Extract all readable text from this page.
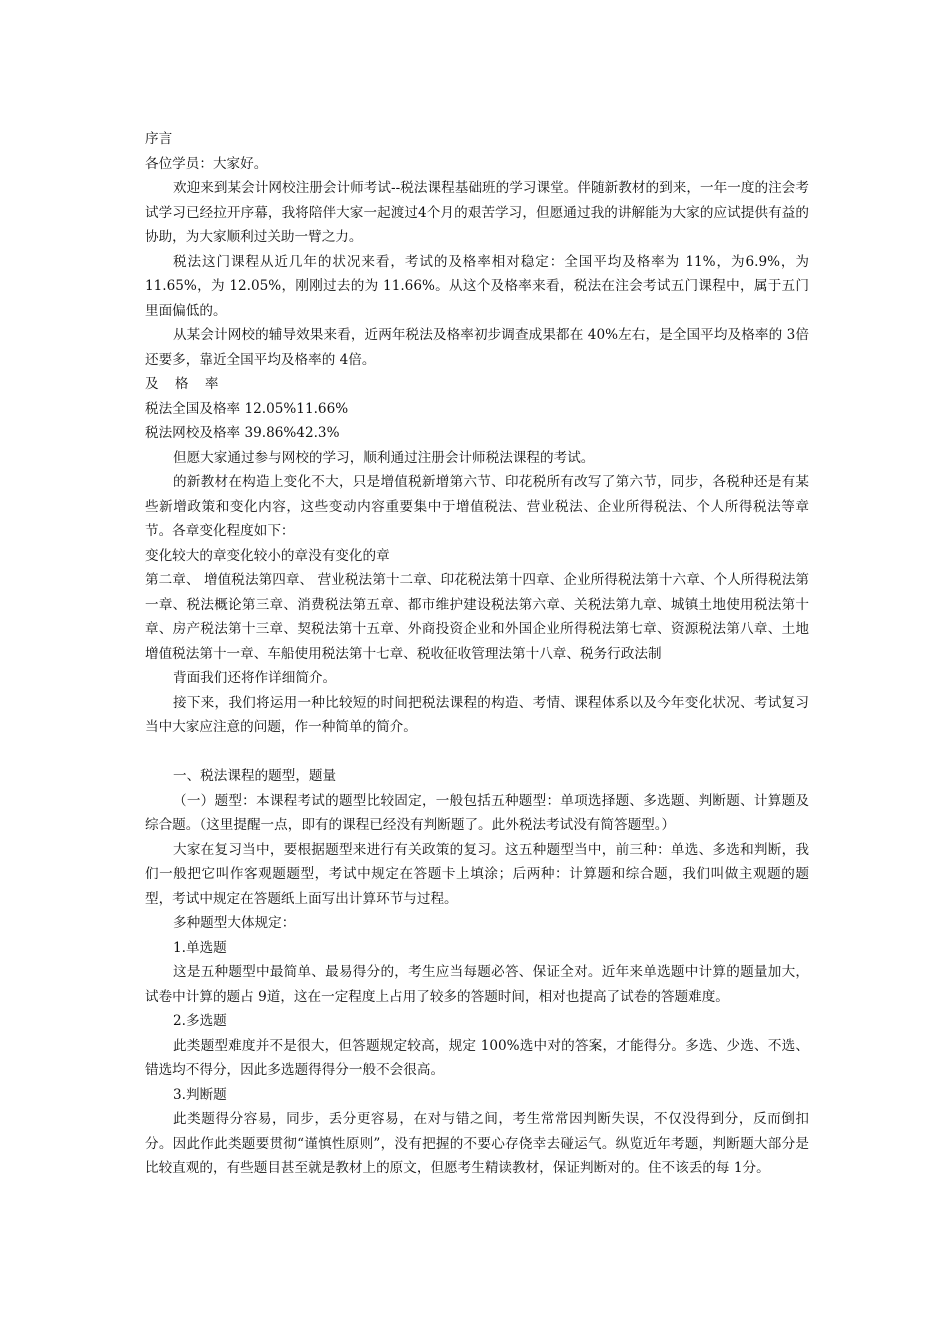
序言

各位学员：大家好。

欢迎来到某会计网校注册会计师考试--税法课程基础班的学习课堂。伴随新教材的到来，一年一度的注会考试学习已经拉开序幕，我将陪伴大家一起渡过4个月的艰苦学习，但愿通过我的讲解能为大家的应试提供有益的协助，为大家顺利过关助一臂之力。

税法这门课程从近几年的状况来看，考试的及格率相对稳定：全国平均及格率为 11%，为6.9%，为 11.65%，为 12.05%，刚刚过去的为 11.66%。从这个及格率来看，税法在注会考试五门课程中，属于五门里面偏低的。

从某会计网校的辅导效果来看，近两年税法及格率初步调查成果都在 40%左右，是全国平均及格率的 3倍还要多，靠近全国平均及格率的 4倍。

及 格 率

税法全国及格率 12.05%11.66%

税法网校及格率 39.86%42.3%

但愿大家通过参与网校的学习，顺利通过注册会计师税法课程的考试。

的新教材在构造上变化不大，只是增值税新增第六节、印花税所有改写了第六节，同步，各税种还是有某些新增政策和变化内容，这些变动内容重要集中于增值税法、营业税法、企业所得税法、个人所得税法等章节。各章变化程度如下：

变化较大的章变化较小的章没有变化的章

第二章、 增值税法第四章、 营业税法第十二章、印花税法第十四章、企业所得税法第十六章、个人所得税法第一章、税法概论第三章、消费税法第五章、都市维护建设税法第六章、关税法第九章、城镇土地使用税法第十章、房产税法第十三章、契税法第十五章、外商投资企业和外国企业所得税法第七章、资源税法第八章、土地增值税法第十一章、车船使用税法第十七章、税收征收管理法第十八章、税务行政法制

背面我们还将作详细简介。

接下来，我们将运用一种比较短的时间把税法课程的构造、考情、课程体系以及今年变化状况、考试复习当中大家应注意的问题，作一种简单的简介。

一、税法课程的题型，题量

（一）题型：本课程考试的题型比较固定，一般包括五种题型：单项选择题、多选题、判断题、计算题及综合题。（这里提醒一点，即有的课程已经没有判断题了。此外税法考试没有简答题型。）

大家在复习当中，要根据题型来进行有关政策的复习。这五种题型当中，前三种：单选、多选和判断，我们一般把它叫作客观题题型，考试中规定在答题卡上填涂；后两种：计算题和综合题，我们叫做主观题的题型，考试中规定在答题纸上面写出计算环节与过程。

多种题型大体规定：

1.单选题

这是五种题型中最简单、最易得分的，考生应当每题必答、保证全对。近年来单选题中计算的题量加大，试卷中计算的题占 9道，这在一定程度上占用了较多的答题时间，相对也提高了试卷的答题难度。

2.多选题

此类题型难度并不是很大，但答题规定较高，规定 100%选中对的答案，才能得分。多选、少选、不选、错选均不得分，因此多选题得得分一般不会很高。

3.判断题

此类题得分容易，同步，丢分更容易，在对与错之间，考生常常因判断失误，不仅没得到分，反而倒扣分。因此作此类题要贯彻“谨慎性原则”，没有把握的不要心存侥幸去碰运气。纵览近年考题，判断题大部分是比较直观的，有些题目甚至就是教材上的原文，但愿考生精读教材，保证判断对的。住不该丢的每 1分。
